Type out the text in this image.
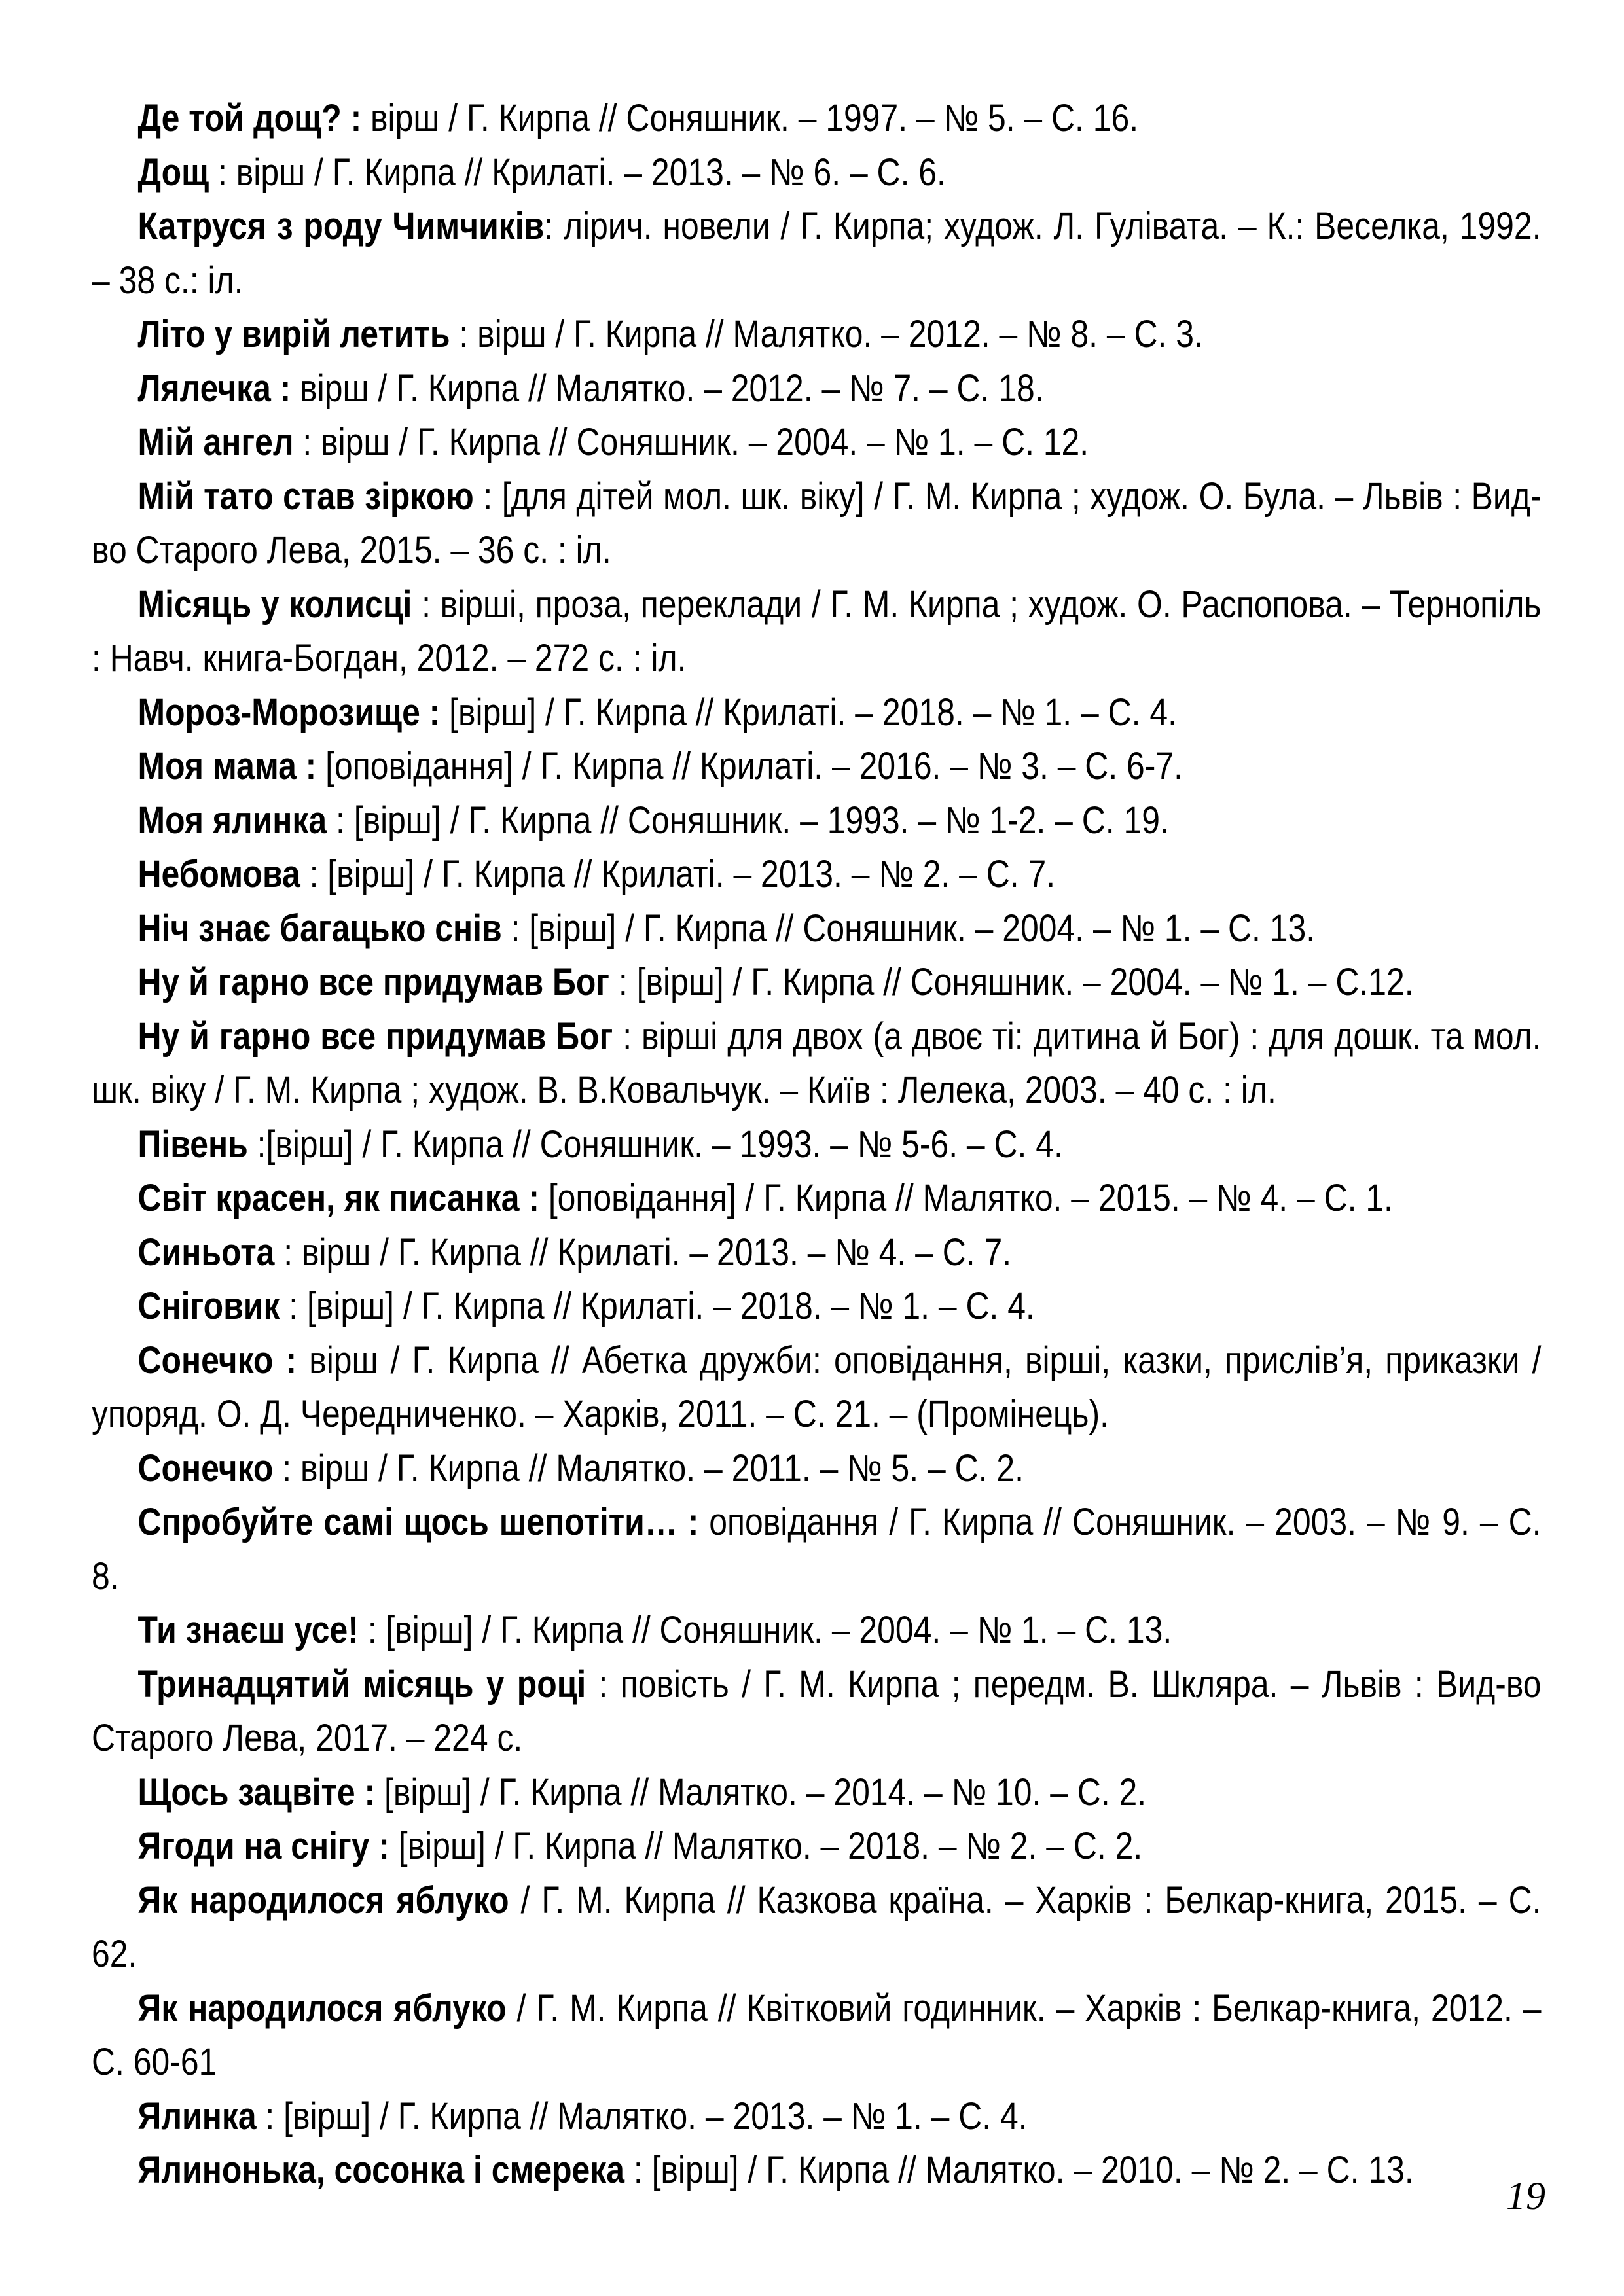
Де той дощ? : вірш / Г. Кирпа // Соняшник. – 1997. – № 5. – С. 16.

Дощ : вірш / Г. Кирпа // Крилаті. – 2013. – № 6. – С. 6.

Катруся з роду Чимчиків: лірич. новели / Г. Кирпа; худож. Л. Гулівата. – К.: Веселка, 1992. – 38 с.: іл.

Літо у вирій летить : вірш / Г. Кирпа // Малятко. – 2012. – № 8. – С. 3.

Лялечка : вірш / Г. Кирпа // Малятко. – 2012. – № 7. – С. 18.

Мій ангел : вірш / Г. Кирпа // Соняшник. – 2004. – № 1. – С. 12.

Мій тато став зіркою : [для дітей мол. шк. віку] / Г. М. Кирпа ; худож. О. Була. – Львів : Вид-во Старого Лева, 2015. – 36 с. : іл.

Місяць у колисці : вірші, проза, переклади / Г. М. Кирпа ; худож. О. Распопова. – Тернопіль : Навч. книга-Богдан, 2012. – 272 с. : іл.

Мороз-Морозище : [вірш] / Г. Кирпа // Крилаті. – 2018. – № 1. – С. 4.

Моя мама : [оповідання] / Г. Кирпа // Крилаті. – 2016. – № 3. – С. 6-7.

Моя ялинка : [вірш] / Г. Кирпа // Соняшник. – 1993. – № 1-2. – С. 19.

Небомова : [вірш] / Г. Кирпа // Крилаті. – 2013. – № 2. – С. 7.

Ніч знає багацько снів : [вірш] / Г. Кирпа // Соняшник. – 2004. – № 1. – С. 13.

Ну й гарно все придумав Бог : [вірш] / Г. Кирпа // Соняшник. – 2004. – № 1. – С.12.

Ну й гарно все придумав Бог : вірші для двох (а двоє ті: дитина й Бог) : для дошк. та мол. шк. віку / Г. М. Кирпа ; худож. В. В.Ковальчук. – Київ : Лелека, 2003. – 40 с. : іл.

Півень :[вірш] / Г. Кирпа // Соняшник. – 1993. – № 5-6. – С. 4.

Світ красен, як писанка : [оповідання] / Г. Кирпа // Малятко. – 2015. – № 4. – С. 1.

Синьота : вірш / Г. Кирпа // Крилаті. – 2013. – № 4. – С. 7.

Сніговик : [вірш] / Г. Кирпа // Крилаті. – 2018. – № 1. – С. 4.

Сонечко : вірш / Г. Кирпа // Абетка дружби: оповідання, вірші, казки, прислів’я, приказки / упоряд. О. Д. Чередниченко. – Харків, 2011. – С. 21. – (Промінець).

Сонечко : вірш / Г. Кирпа // Малятко. – 2011. – № 5. – С. 2.

Спробуйте самі щось шепотіти… : оповідання / Г. Кирпа // Соняшник. – 2003. – № 9. – С. 8.

Ти знаєш усе! : [вірш] / Г. Кирпа // Соняшник. – 2004. – № 1. – С. 13.

Тринадцятий місяць у році : повість / Г. М. Кирпа ; передм. В. Шкляра. – Львів : Вид-во Старого Лева, 2017. – 224 с.

Щось зацвіте : [вірш] / Г. Кирпа // Малятко. – 2014. – № 10. – С. 2.

Ягоди на снігу : [вірш] / Г. Кирпа // Малятко. – 2018. – № 2. – С. 2.

Як народилося яблуко / Г. М. Кирпа // Казкова країна. – Харків : Белкар-книга, 2015. – С. 62.

Як народилося яблуко / Г. М. Кирпа // Квітковий годинник. – Харків : Белкар-книга, 2012. – С. 60-61

Ялинка : [вірш] / Г. Кирпа // Малятко. – 2013. – № 1. – С. 4.

Ялинонька, сосонка і смерека : [вірш] / Г. Кирпа // Малятко. – 2010. – № 2. – С. 13.

19
